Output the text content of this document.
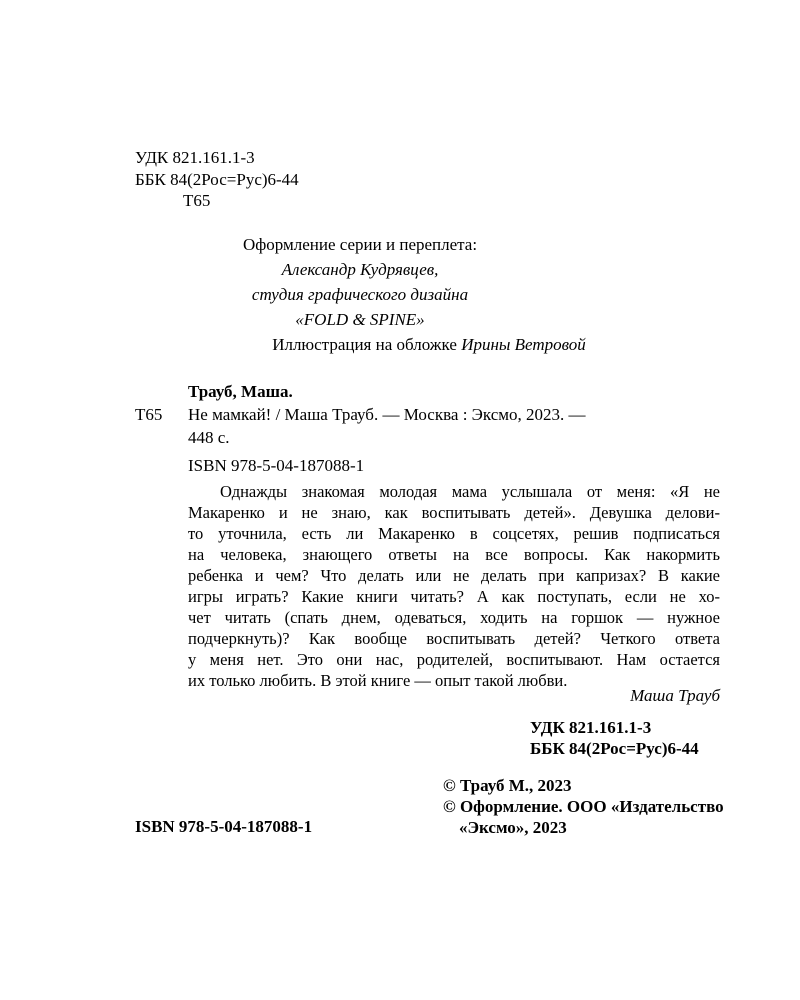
УДК 821.161.1-3
ББК 84(2Рос=Рус)6-44
Т65
Оформление серии и переплета:
Александр Кудрявцев,
студия графического дизайна
«FOLD & SPINE»
Иллюстрация на обложке Ирины Ветровой
Трауб, Маша.
Т65 Не мамкай! / Маша Трауб. — Москва : Эксмо, 2023. —
448 с.
ISBN 978-5-04-187088-1
Однажды знакомая молодая мама услышала от меня: «Я не
Макаренко и не знаю, как воспитывать детей». Девушка делови-
то уточнила, есть ли Макаренко в соцсетях, решив подписаться
на человека, знающего ответы на все вопросы. Как накормить
ребенка и чем? Что делать или не делать при капризах? В какие
игры играть? Какие книги читать? А как поступать, если не хо-
чет читать (спать днем, одеваться, ходить на горшок — нужное
подчеркнуть)? Как вообще воспитывать детей? Четкого ответа
у меня нет. Это они нас, родителей, воспитывают. Нам остается
их только любить. В этой книге — опыт такой любви.
Маша Трауб
УДК 821.161.1-3
ББК 84(2Рос=Рус)6-44
© Трауб М., 2023
© Оформление. ООО «Издательство
«Эксмо», 2023
ISBN 978-5-04-187088-1
